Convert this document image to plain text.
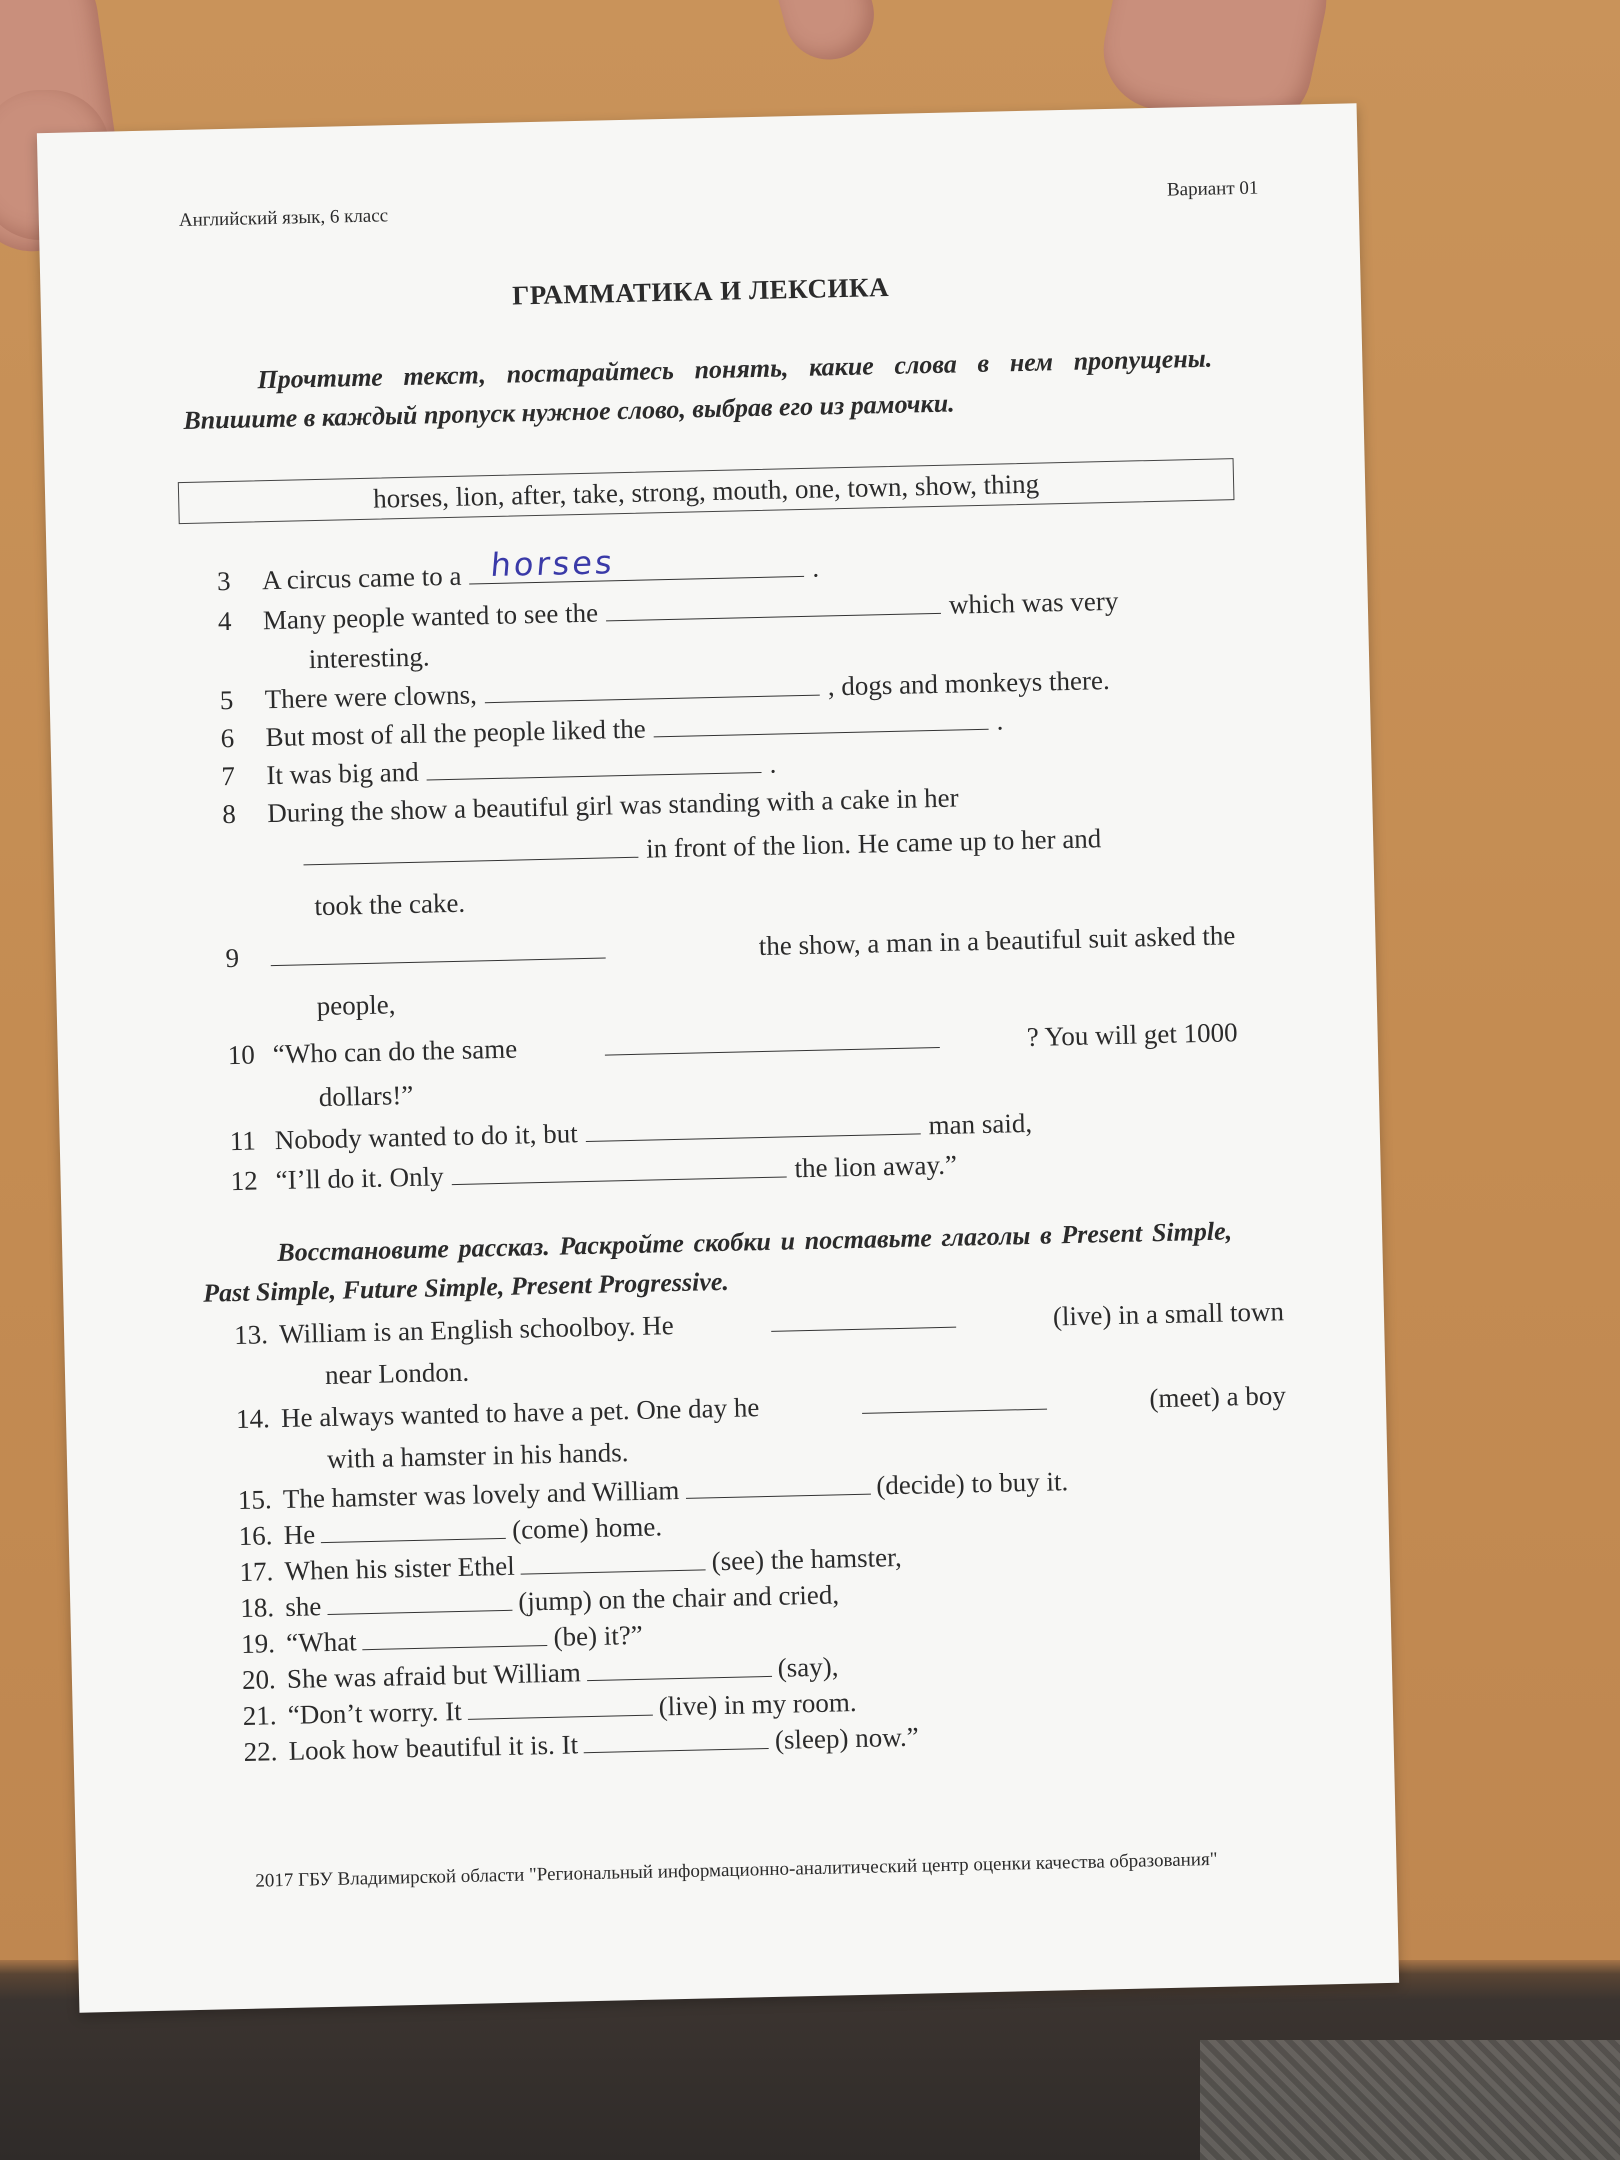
Английский язык, 6 класс
Вариант 01
ГРАММАТИКА И ЛЕКСИКА
Прочтите текст, постарайтесь понять, какие слова в нем пропущены. Впишите в каждый пропуск нужное слово, выбрав его из рамочки.
horses, lion, after, take, strong, mouth, one, town, show, thing
3	A circus came to a horses	.
4	Many people wanted to see the	which was very
interesting.
5	There were clowns,	, dogs and monkeys there.
6	But most of all the people liked the	.
7	It was big and	.
8	During the show a beautiful girl was standing with a cake in her
in front of the lion. He came up to her and
took the cake.
9	the show, a man in a beautiful suit asked the
people,
10 “Who can do the same	? You will get 1000
dollars!”
11 Nobody wanted to do it, but	man said,
12 “I’ll do it. Only	the lion away.”
Восстановите рассказ. Раскройте скобки и поставьте глаголы в Present Simple, Past Simple, Future Simple, Present Progressive.
13. William is an English schoolboy. He	(live) in a small town
near London.
14. He always wanted to have a pet. One day he	(meet) a boy
with a hamster in his hands.
15. The hamster was lovely and William	(decide) to buy it.
16. He	(come) home.
17. When his sister Ethel	(see) the hamster,
18. she	(jump) on the chair and cried,
19. “What	(be) it?”
20. She was afraid but William	(say),
21. “Don’t worry. It	(live) in my room.
22. Look how beautiful it is. It	(sleep) now.”
2017 ГБУ Владимирской области "Региональный информационно-аналитический центр оценки качества образования"
